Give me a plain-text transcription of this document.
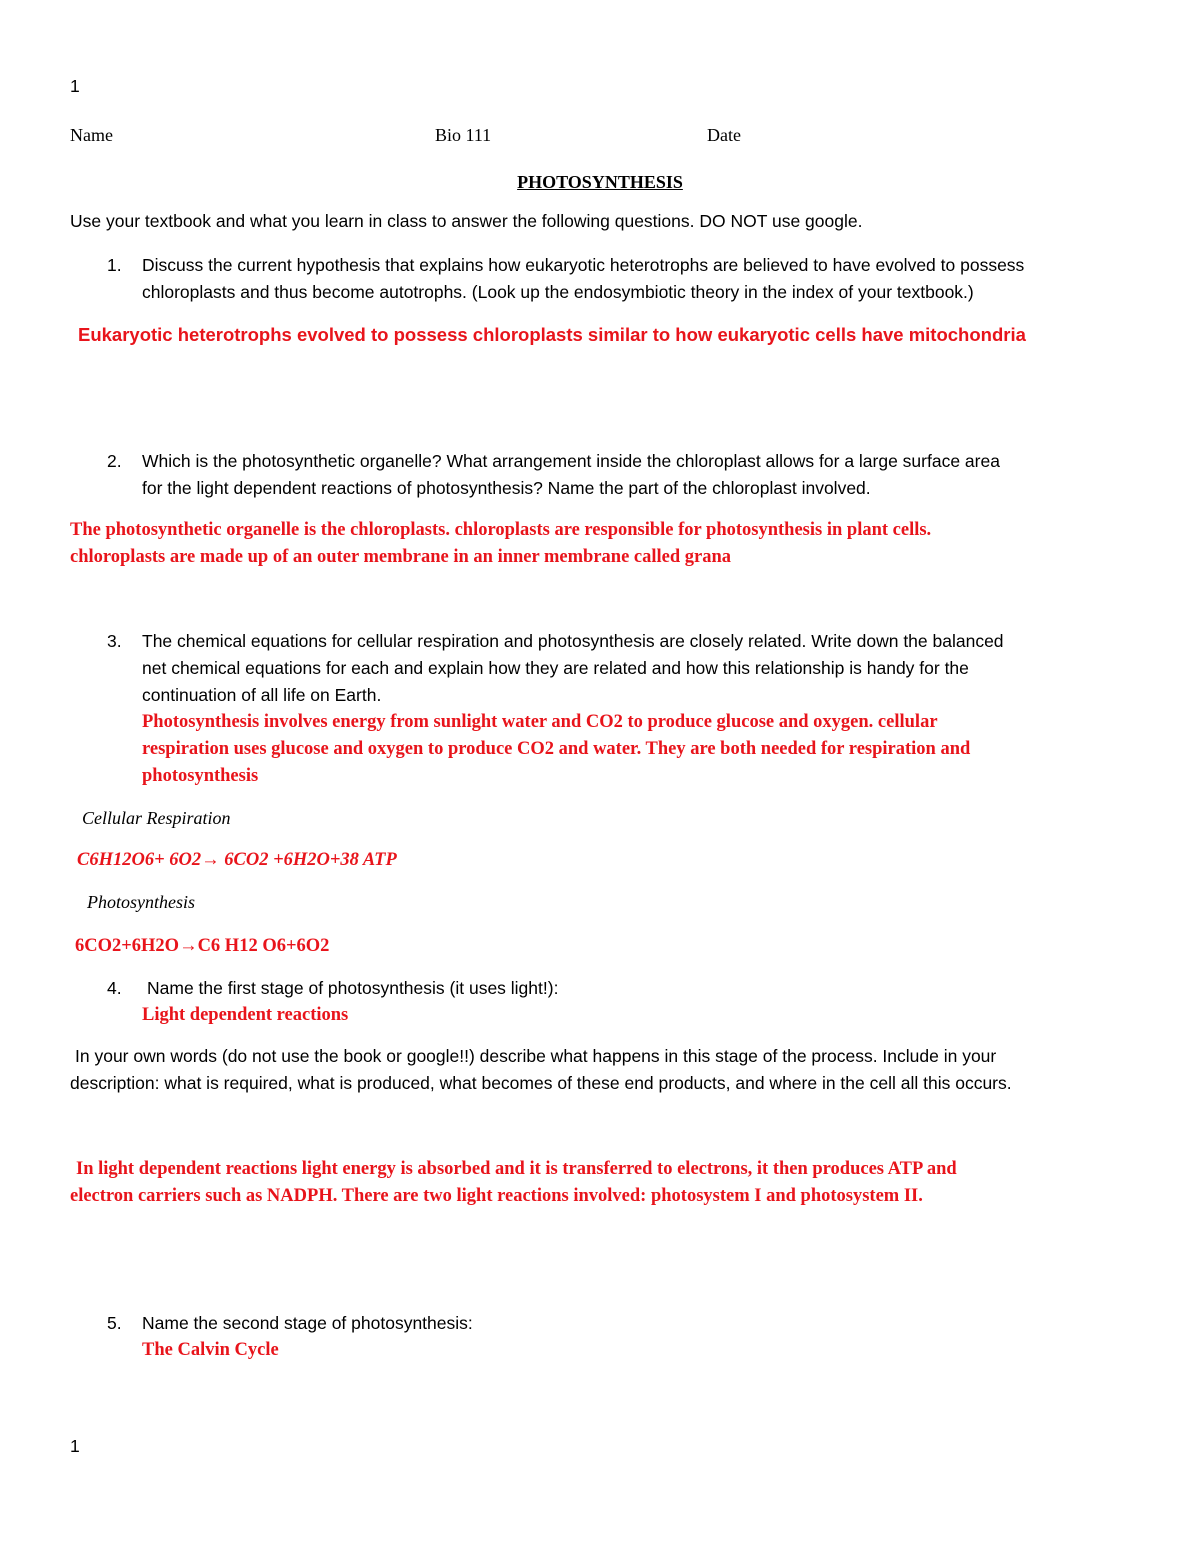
1
Name	Bio 111	Date
PHOTOSYNTHESIS
Use your textbook and what you learn in class to answer the following questions. DO NOT use google.
1. Discuss the current hypothesis that explains how eukaryotic heterotrophs are believed to have evolved to possess
chloroplasts and thus become autotrophs. (Look up the endosymbiotic theory in the index of your textbook.)
Eukaryotic heterotrophs evolved to possess chloroplasts similar to how eukaryotic cells have mitochondria
2. Which is the photosynthetic organelle? What arrangement inside the chloroplast allows for a large surface area
for the light dependent reactions of photosynthesis? Name the part of the chloroplast involved.
The photosynthetic organelle is the chloroplasts. chloroplasts are responsible for photosynthesis in plant cells.
chloroplasts are made up of an outer membrane in an inner membrane called grana
3. The chemical equations for cellular respiration and photosynthesis are closely related. Write down the balanced
net chemical equations for each and explain how they are related and how this relationship is handy for the
continuation of all life on Earth.
Photosynthesis involves energy from sunlight water and CO2 to produce glucose and oxygen. cellular
respiration uses glucose and oxygen to produce CO2 and water. They are both needed for respiration and
photosynthesis
Cellular Respiration
C6H12O6+ 6O2→ 6CO2 +6H2O+38 ATP
Photosynthesis
6CO2+6H2O→C6 H12 O6+6O2
4. Name the first stage of photosynthesis (it uses light!):
Light dependent reactions
In your own words (do not use the book or google!!) describe what happens in this stage of the process. Include in your
description: what is required, what is produced, what becomes of these end products, and where in the cell all this occurs.
In light dependent reactions light energy is absorbed and it is transferred to electrons, it then produces ATP and
electron carriers such as NADPH. There are two light reactions involved: photosystem I and photosystem II.
5. Name the second stage of photosynthesis:
The Calvin Cycle
1
